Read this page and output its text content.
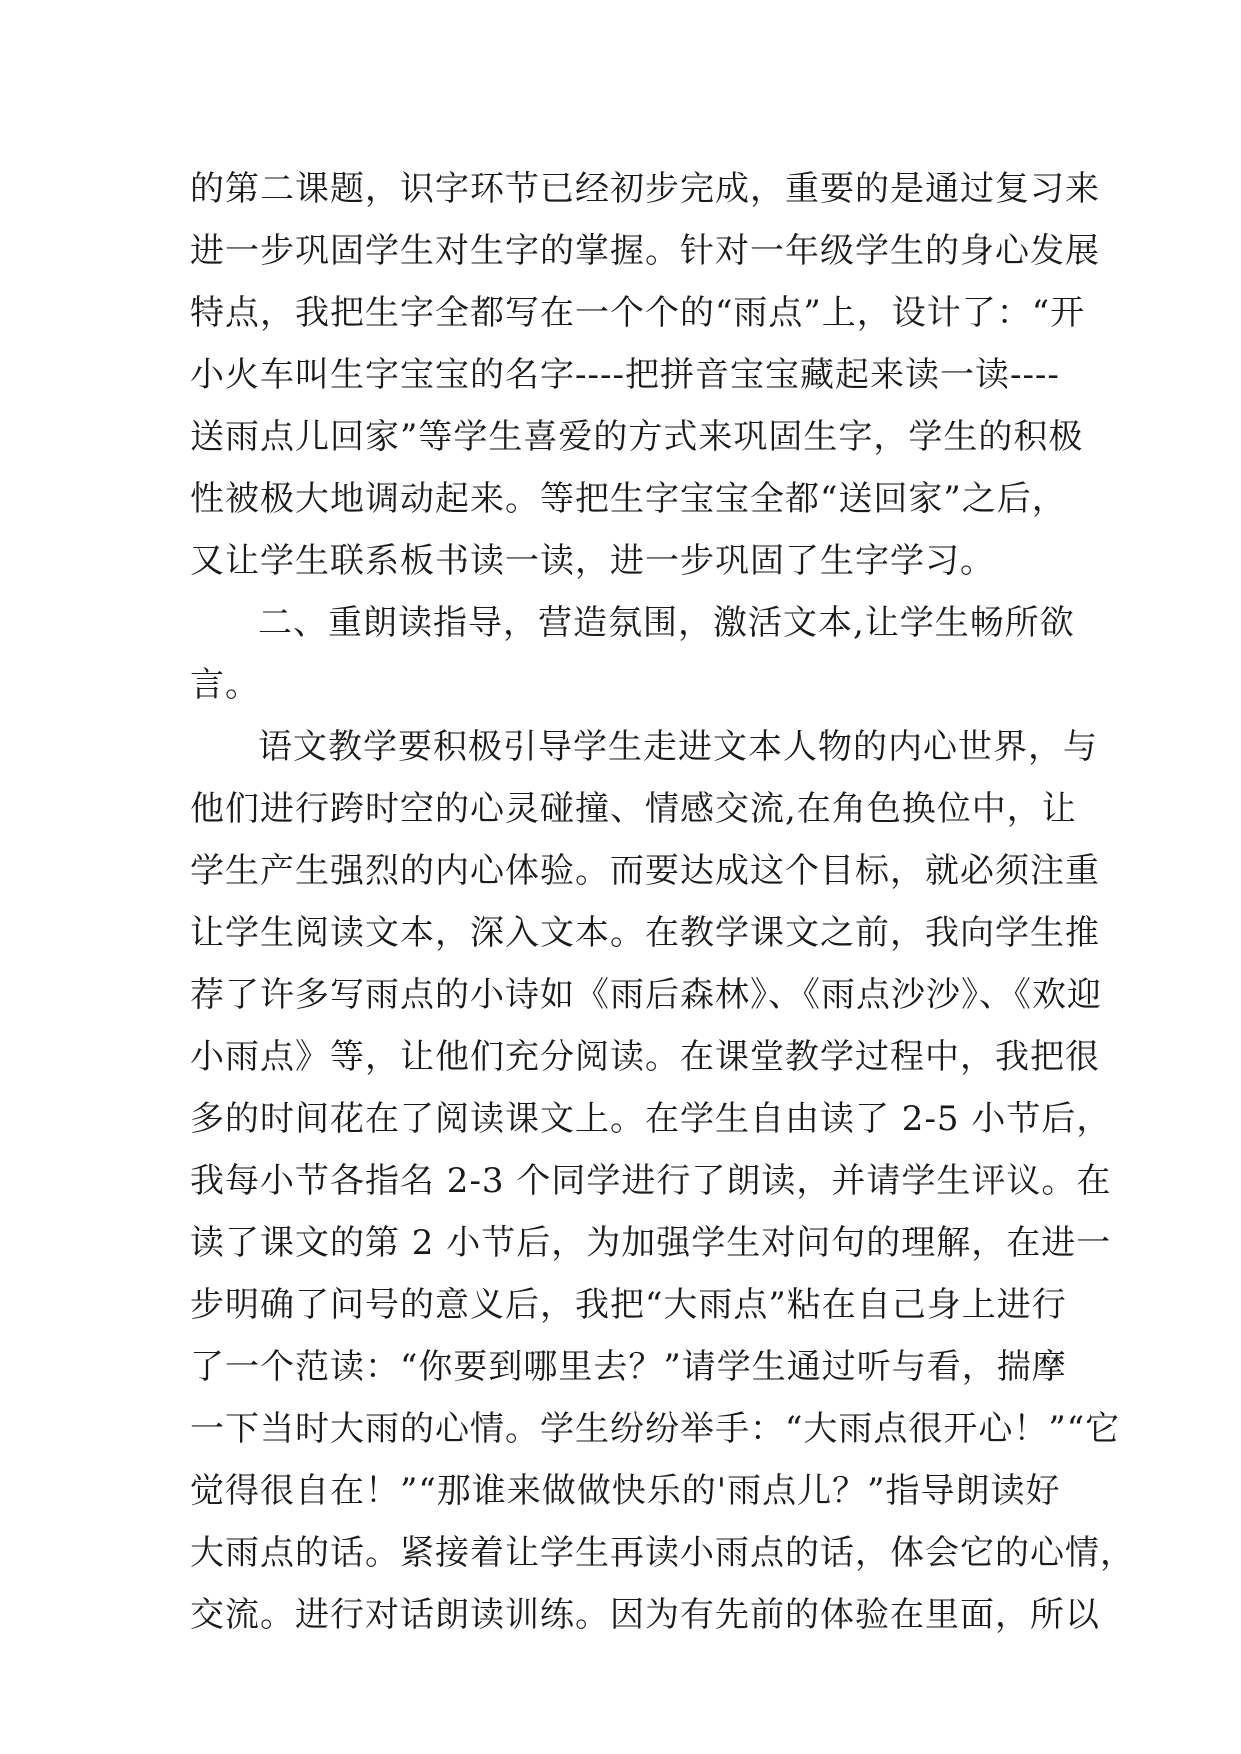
的第二课题，识字环节已经初步完成，重要的是通过复习来
进一步巩固学生对生字的掌握。针对一年级学生的身心发展
特点，我把生字全都写在一个个的“雨点”上，设计了：“开
小火车叫生字宝宝的名字----把拼音宝宝藏起来读一读----
送雨点儿回家”等学生喜爱的方式来巩固生字，学生的积极
性被极大地调动起来。等把生字宝宝全都“送回家”之后，
又让学生联系板书读一读，进一步巩固了生字学习。
二、重朗读指导，营造氛围，激活文本,让学生畅所欲
言。
语文教学要积极引导学生走进文本人物的内心世界，与
他们进行跨时空的心灵碰撞、情感交流,在角色换位中，让
学生产生强烈的内心体验。而要达成这个目标，就必须注重
让学生阅读文本，深入文本。在教学课文之前，我向学生推
荐了许多写雨点的小诗如《雨后森林》、《雨点沙沙》、《欢迎
小雨点》等，让他们充分阅读。在课堂教学过程中，我把很
多的时间花在了阅读课文上。在学生自由读了 2-5 小节后，
我每小节各指名 2-3 个同学进行了朗读，并请学生评议。在
读了课文的第 2 小节后，为加强学生对问句的理解，在进一
步明确了问号的意义后，我把“大雨点”粘在自己身上进行
了一个范读：“你要到哪里去？”请学生通过听与看，揣摩
一下当时大雨的心情。学生纷纷举手：“大雨点很开心！”“它
觉得很自在！”“那谁来做做快乐的'雨点儿？”指导朗读好
大雨点的话。紧接着让学生再读小雨点的话，体会它的心情，
交流。进行对话朗读训练。因为有先前的体验在里面，所以
